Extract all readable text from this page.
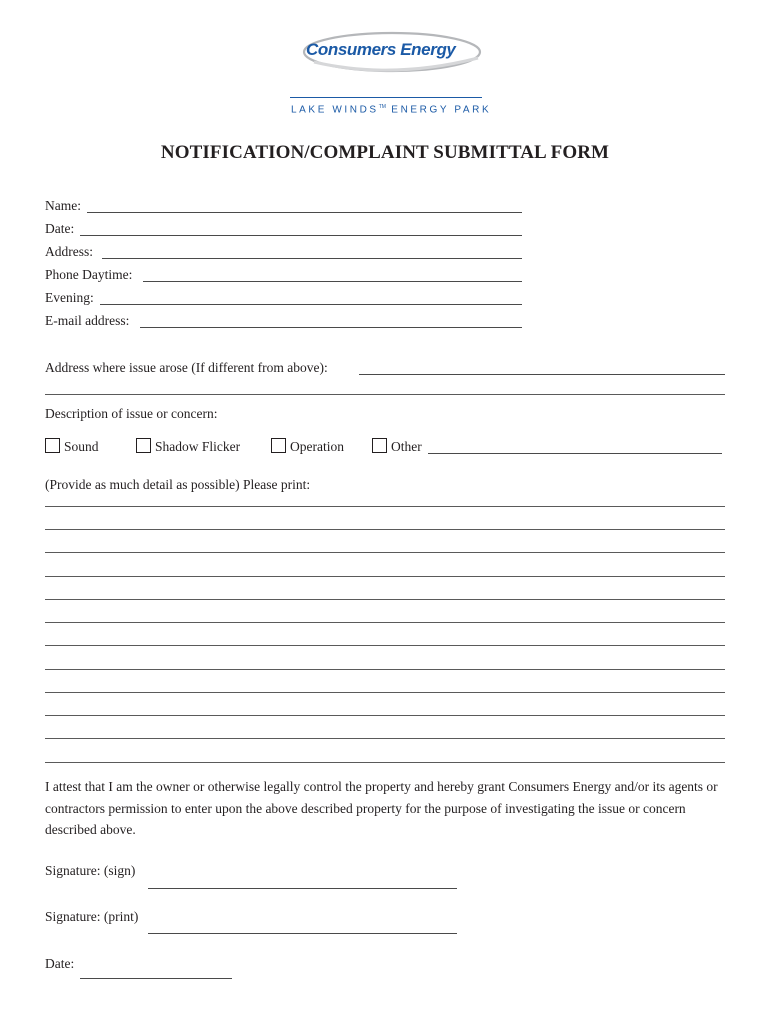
Consumers Energy
LAKE WINDS™ ENERGY PARK
NOTIFICATION/COMPLAINT SUBMITTAL FORM
Name:
Date:
Address:
Phone Daytime:
Evening:
E-mail address:
Address where issue arose (If different from above):
Description of issue or concern:
Sound	Shadow Flicker	Operation	Other
(Provide as much detail as possible) Please print:
I attest that I am the owner or otherwise legally control the property and hereby grant Consumers Energy and/or its agents or contractors permission to enter upon the above described property for the purpose of investigating the issue or concern described above.
Signature: (sign)
Signature: (print)
Date:
